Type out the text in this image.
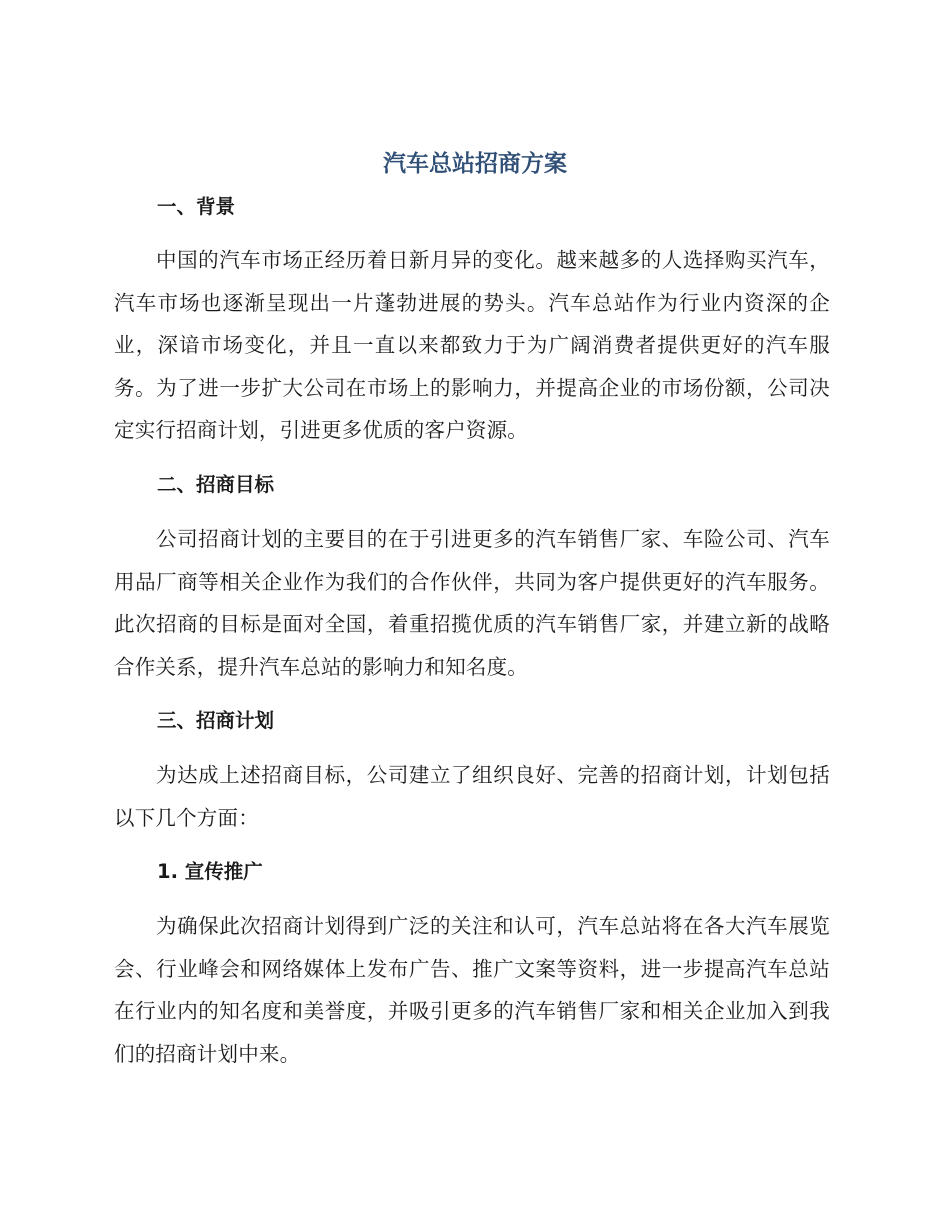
汽车总站招商方案
一、背景

中国的汽车市场正经历着日新月异的变化。越来越多的人选择购买汽车，汽车市场也逐渐呈现出一片蓬勃进展的势头。汽车总站作为行业内资深的企业，深谙市场变化，并且一直以来都致力于为广阔消费者提供更好的汽车服务。为了进一步扩大公司在市场上的影响力，并提高企业的市场份额，公司决定实行招商计划，引进更多优质的客户资源。

二、招商目标

公司招商计划的主要目的在于引进更多的汽车销售厂家、车险公司、汽车用品厂商等相关企业作为我们的合作伙伴，共同为客户提供更好的汽车服务。此次招商的目标是面对全国，着重招揽优质的汽车销售厂家，并建立新的战略合作关系，提升汽车总站的影响力和知名度。

三、招商计划

为达成上述招商目标，公司建立了组织良好、完善的招商计划，计划包括以下几个方面：

1. 宣传推广

为确保此次招商计划得到广泛的关注和认可，汽车总站将在各大汽车展览会、行业峰会和网络媒体上发布广告、推广文案等资料，进一步提高汽车总站在行业内的知名度和美誉度，并吸引更多的汽车销售厂家和相关企业加入到我们的招商计划中来。
